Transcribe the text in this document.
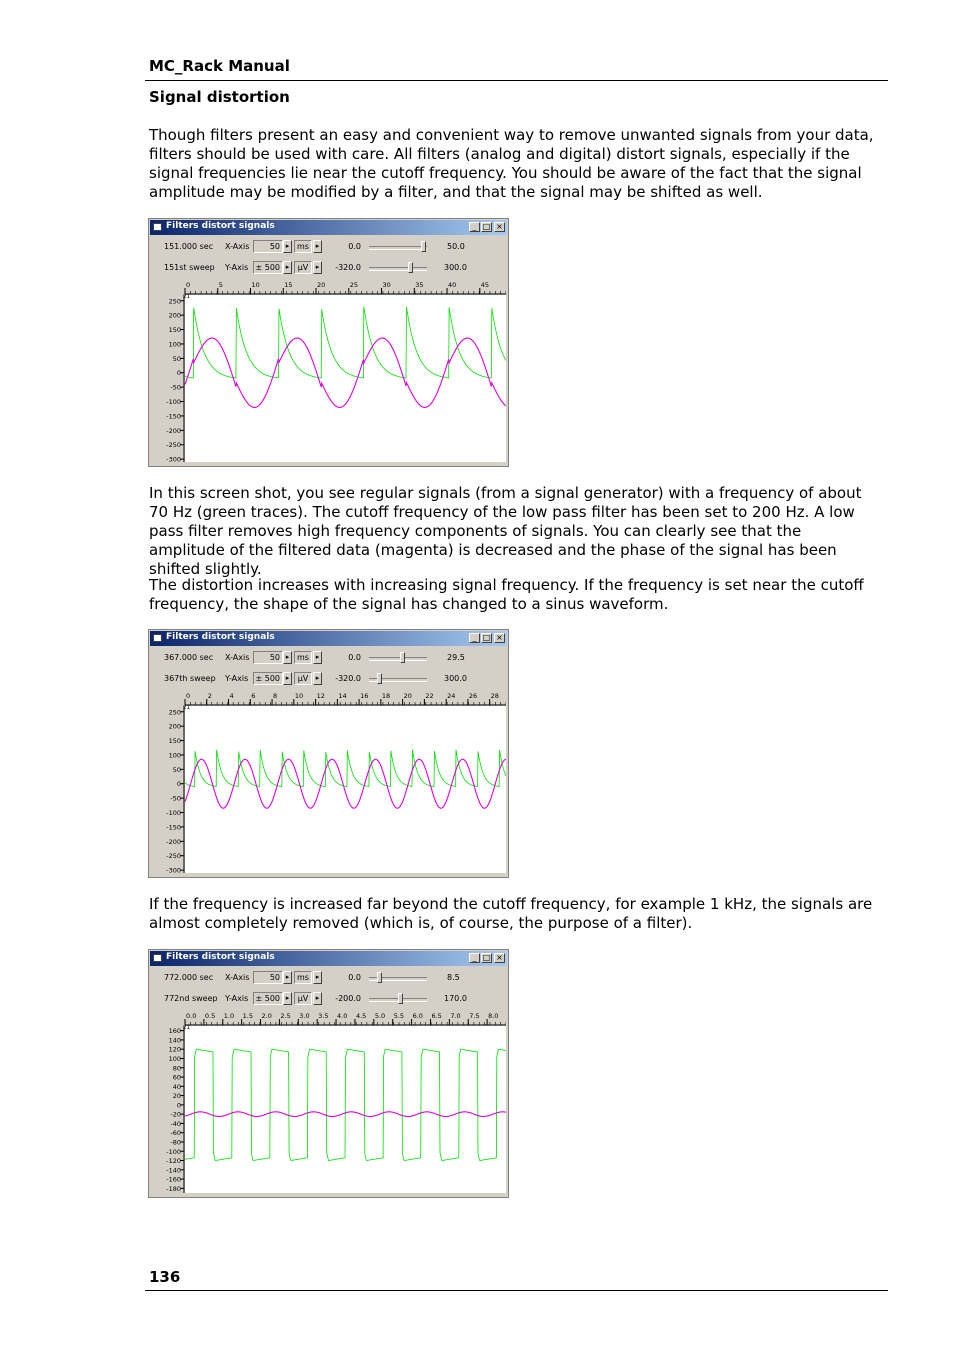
MC_Rack Manual
Signal distortion

Though filters present an easy and convenient way to remove unwanted signals from your data, filters should be used with care. All filters (analog and digital) distort signals, especially if the signal frequencies lie near the cutoff frequency. You should be aware of the fact that the signal amplitude may be modified by a filter, and that the signal may be shifted as well.

Filters distort signals	_ □ ×
151.000 sec
151st sweep
X-Axis
Y-Axis
50 ▸ ms ▸
± 500 ▸	µV	▸
0.0	50.0
-320.0	300.0
0	5	10	15	20	25	30	35	40	45
250
200
150
100
50
0
-50
-100
-150
-200
-250
-300
21

In this screen shot, you see regular signals (from a signal generator) with a frequency of about 70 Hz (green traces). The cutoff frequency of the low pass filter has been set to 200 Hz. A low pass filter removes high frequency components of signals. You can clearly see that the amplitude of the filtered data (magenta) is decreased and the phase of the signal has been shifted slightly.

The distortion increases with increasing signal frequency. If the frequency is set near the cutoff frequency, the shape of the signal has changed to a sinus waveform.

Filters distort signals	_ □ ×
367.000 sec
367th sweep
X-Axis
Y-Axis
50 ▸ ms ▸
± 500 ▸	µV	▸
0.0	29.5
-320.0	300.0
0	2	4	6	8	10 12 14 16 18 20 22 24 26 28
250
200
150
100
50
0
-50
-100
-150
-200
-250
-300
21

If the frequency is increased far beyond the cutoff frequency, for example 1 kHz, the signals are almost completely removed (which is, of course, the purpose of a filter).

Filters distort signals	_ □ ×
772.000 sec
772nd sweep
X-Axis
Y-Axis
50 ▸ ms ▸
± 500 ▸	µV	▸
0.0	8.5
-200.0	170.0
0.0 0.5 1.0 1.5 2.0 2.5 3.0 3.5 4.0 4.5 5.0 5.5 6.0 6.5 7.0 7.5 8.0
160
140
120
100
80
60
40
20
0
-20
-40
-60
-80
-100
-120
-140
-160
-180
21
136
